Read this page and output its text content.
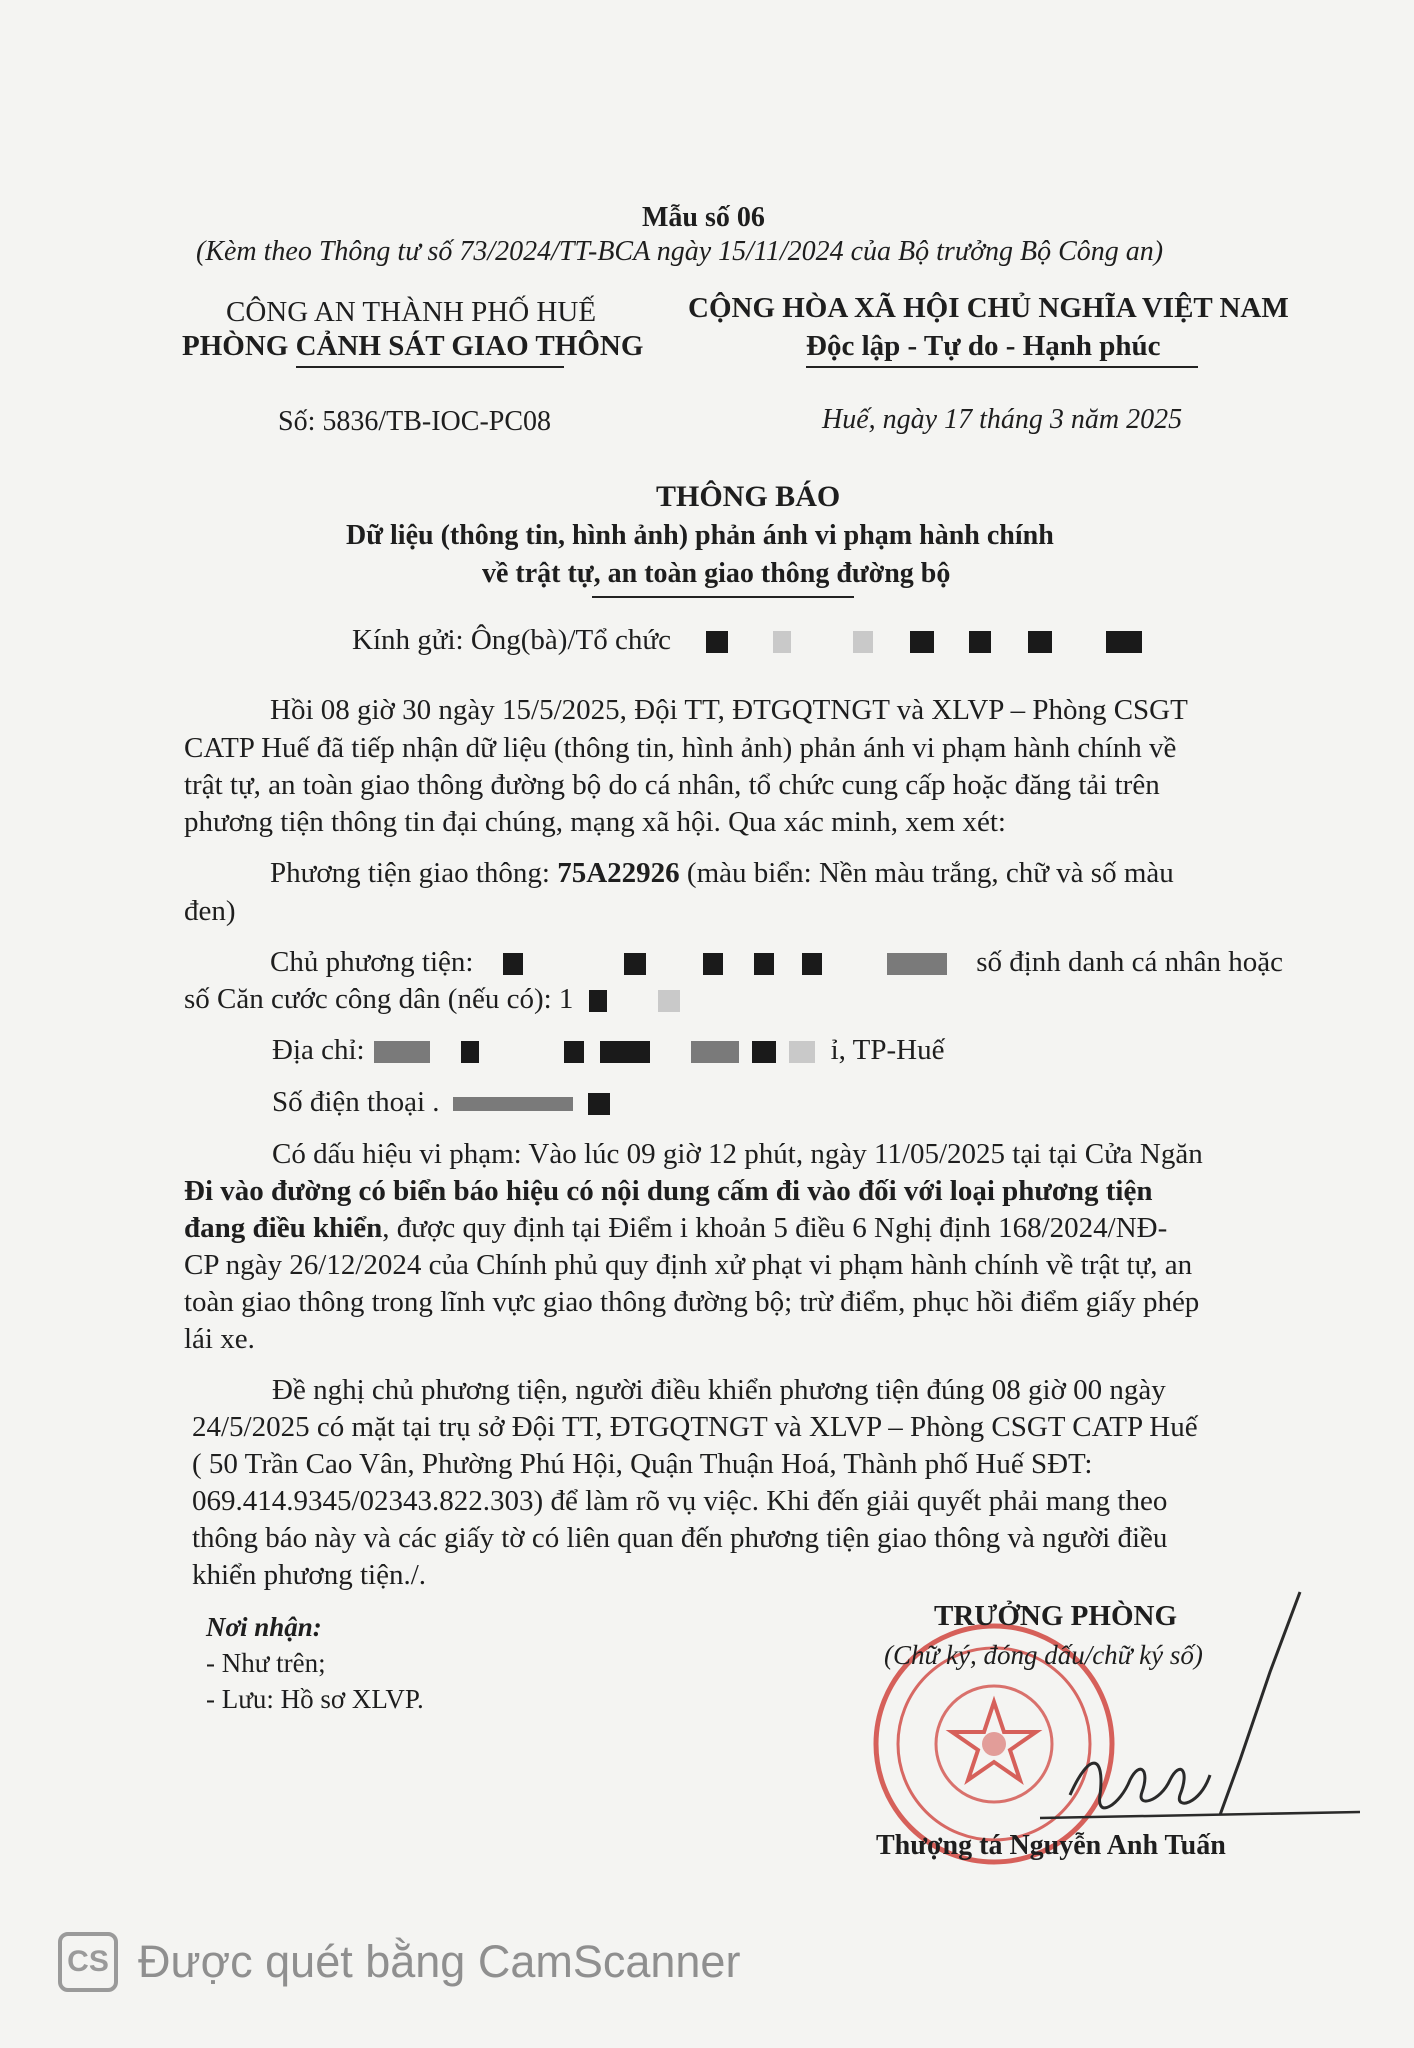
Mẫu số 06
(Kèm theo Thông tư số 73/2024/TT-BCA ngày 15/11/2024 của Bộ trưởng Bộ Công an)
CÔNG AN THÀNH PHỐ HUẾ
PHÒNG CẢNH SÁT GIAO THÔNG
CỘNG HÒA XÃ HỘI CHỦ NGHĨA VIỆT NAM
Độc lập - Tự do - Hạnh phúc
Số: 5836/TB-IOC-PC08	Huế, ngày 17 tháng 3 năm 2025
THÔNG BÁO
Dữ liệu (thông tin, hình ảnh) phản ánh vi phạm hành chính
về trật tự, an toàn giao thông đường bộ
Kính gửi: Ông(bà)/Tổ chức
Hồi 08 giờ 30 ngày 15/5/2025, Đội TT, ĐTGQTNGT và XLVP – Phòng CSGT
CATP Huế đã tiếp nhận dữ liệu (thông tin, hình ảnh) phản ánh vi phạm hành chính về
trật tự, an toàn giao thông đường bộ do cá nhân, tổ chức cung cấp hoặc đăng tải trên
phương tiện thông tin đại chúng, mạng xã hội. Qua xác minh, xem xét:
Phương tiện giao thông: 75A22926 (màu biển: Nền màu trắng, chữ và số màu
đen)
Chủ phương tiện:	số định danh cá nhân hoặc
số Căn cước công dân (nếu có): 1
Địa chỉ:	ỉ, TP-Huế
Số điện thoại .
Có dấu hiệu vi phạm: Vào lúc 09 giờ 12 phút, ngày 11/05/2025 tại tại Cửa Ngăn
Đi vào đường có biển báo hiệu có nội dung cấm đi vào đối với loại phương tiện
đang điều khiển, được quy định tại Điểm i khoản 5 điều 6 Nghị định 168/2024/NĐ-
CP ngày 26/12/2024 của Chính phủ quy định xử phạt vi phạm hành chính về trật tự, an
toàn giao thông trong lĩnh vực giao thông đường bộ; trừ điểm, phục hồi điểm giấy phép
lái xe.
Đề nghị chủ phương tiện, người điều khiển phương tiện đúng 08 giờ 00 ngày
24/5/2025 có mặt tại trụ sở Đội TT, ĐTGQTNGT và XLVP – Phòng CSGT CATP Huế
( 50 Trần Cao Vân, Phường Phú Hội, Quận Thuận Hoá, Thành phố Huế SĐT:
069.414.9345/02343.822.303) để làm rõ vụ việc. Khi đến giải quyết phải mang theo
thông báo này và các giấy tờ có liên quan đến phương tiện giao thông và người điều
khiển phương tiện./.
Nơi nhận:
- Như trên;
- Lưu: Hồ sơ XLVP.
TRƯỞNG PHÒNG
(Chữ ký, đóng dấu/chữ ký số)
Thượng tá Nguyễn Anh Tuấn
CS Được quét bằng CamScanner
